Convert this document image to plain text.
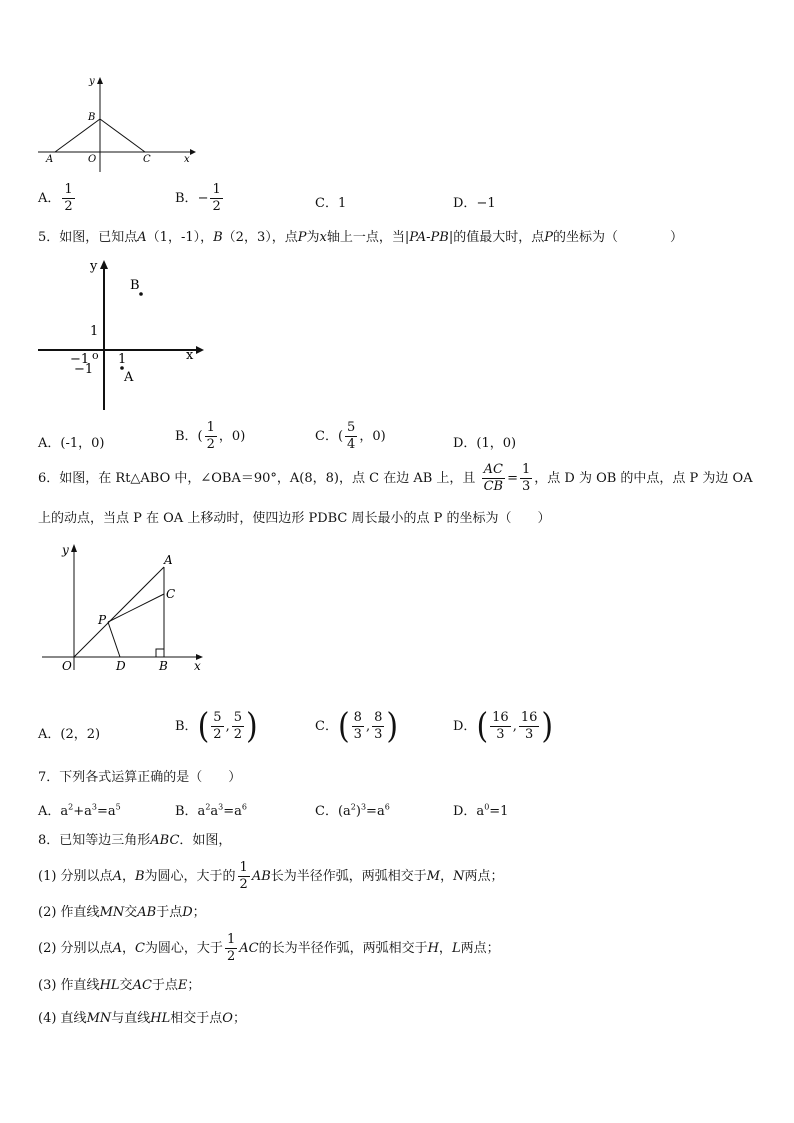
y
x
A	O
B
C
A． $\frac{1}{2}$	B．− $\frac{1}{2}$	C．1	D．−1
5．如图，已知点A（1，-1），B（2，3），点P为x轴上一点，当|PA-PB|的值最大时，点P的坐标为（　　　　）
y
B
1
−1 o 1	x
−1
A
A．(-1，0)	B．( $\frac{1}{2}$ ，0)	C．( $\frac{5}{4}$ ，0)	D．(1，0)
6．如图，在 Rt△ABO 中，∠OBA＝90°，A(8，8)，点 C 在边 AB 上，且 $\frac{AC}{CB} = \frac{1}{3}$ ，点 D 为 OB 的中点，点 P 为边 OA
上的动点，当点 P 在 OA 上移动时，使四边形 PDBC 周长最小的点 P 的坐标为（　　）
y
A
C
P
O	D	B x
A．(2，2)
B．( $\frac{5}{2}$ , $\frac{5}{2}$ )	C．( $\frac{8}{3}$ , $\frac{8}{3}$ )	D．( $\frac{16}{3}$ , $\frac{16}{3}$ )
7．下列各式运算正确的是（　　）
A．$a^2+a^3=a^5$	B．$a^2a^3=a^6$	C．$(a^2)^3=a^6$	D．$a^0=1$
8．已知等边三角形ABC．如图，
(1) 分别以点A，B为圆心，大于的 $\frac{1}{2}$ AB长为半径作弧，两弧相交于M，N两点；
(2) 作直线MN交AB于点D；
(2) 分别以点A，C为圆心，大于 $\frac{1}{2}$ AC的长为半径作弧，两弧相交于H，L两点；
(3) 作直线HL交AC于点E；
(4) 直线MN与直线HL相交于点O；
